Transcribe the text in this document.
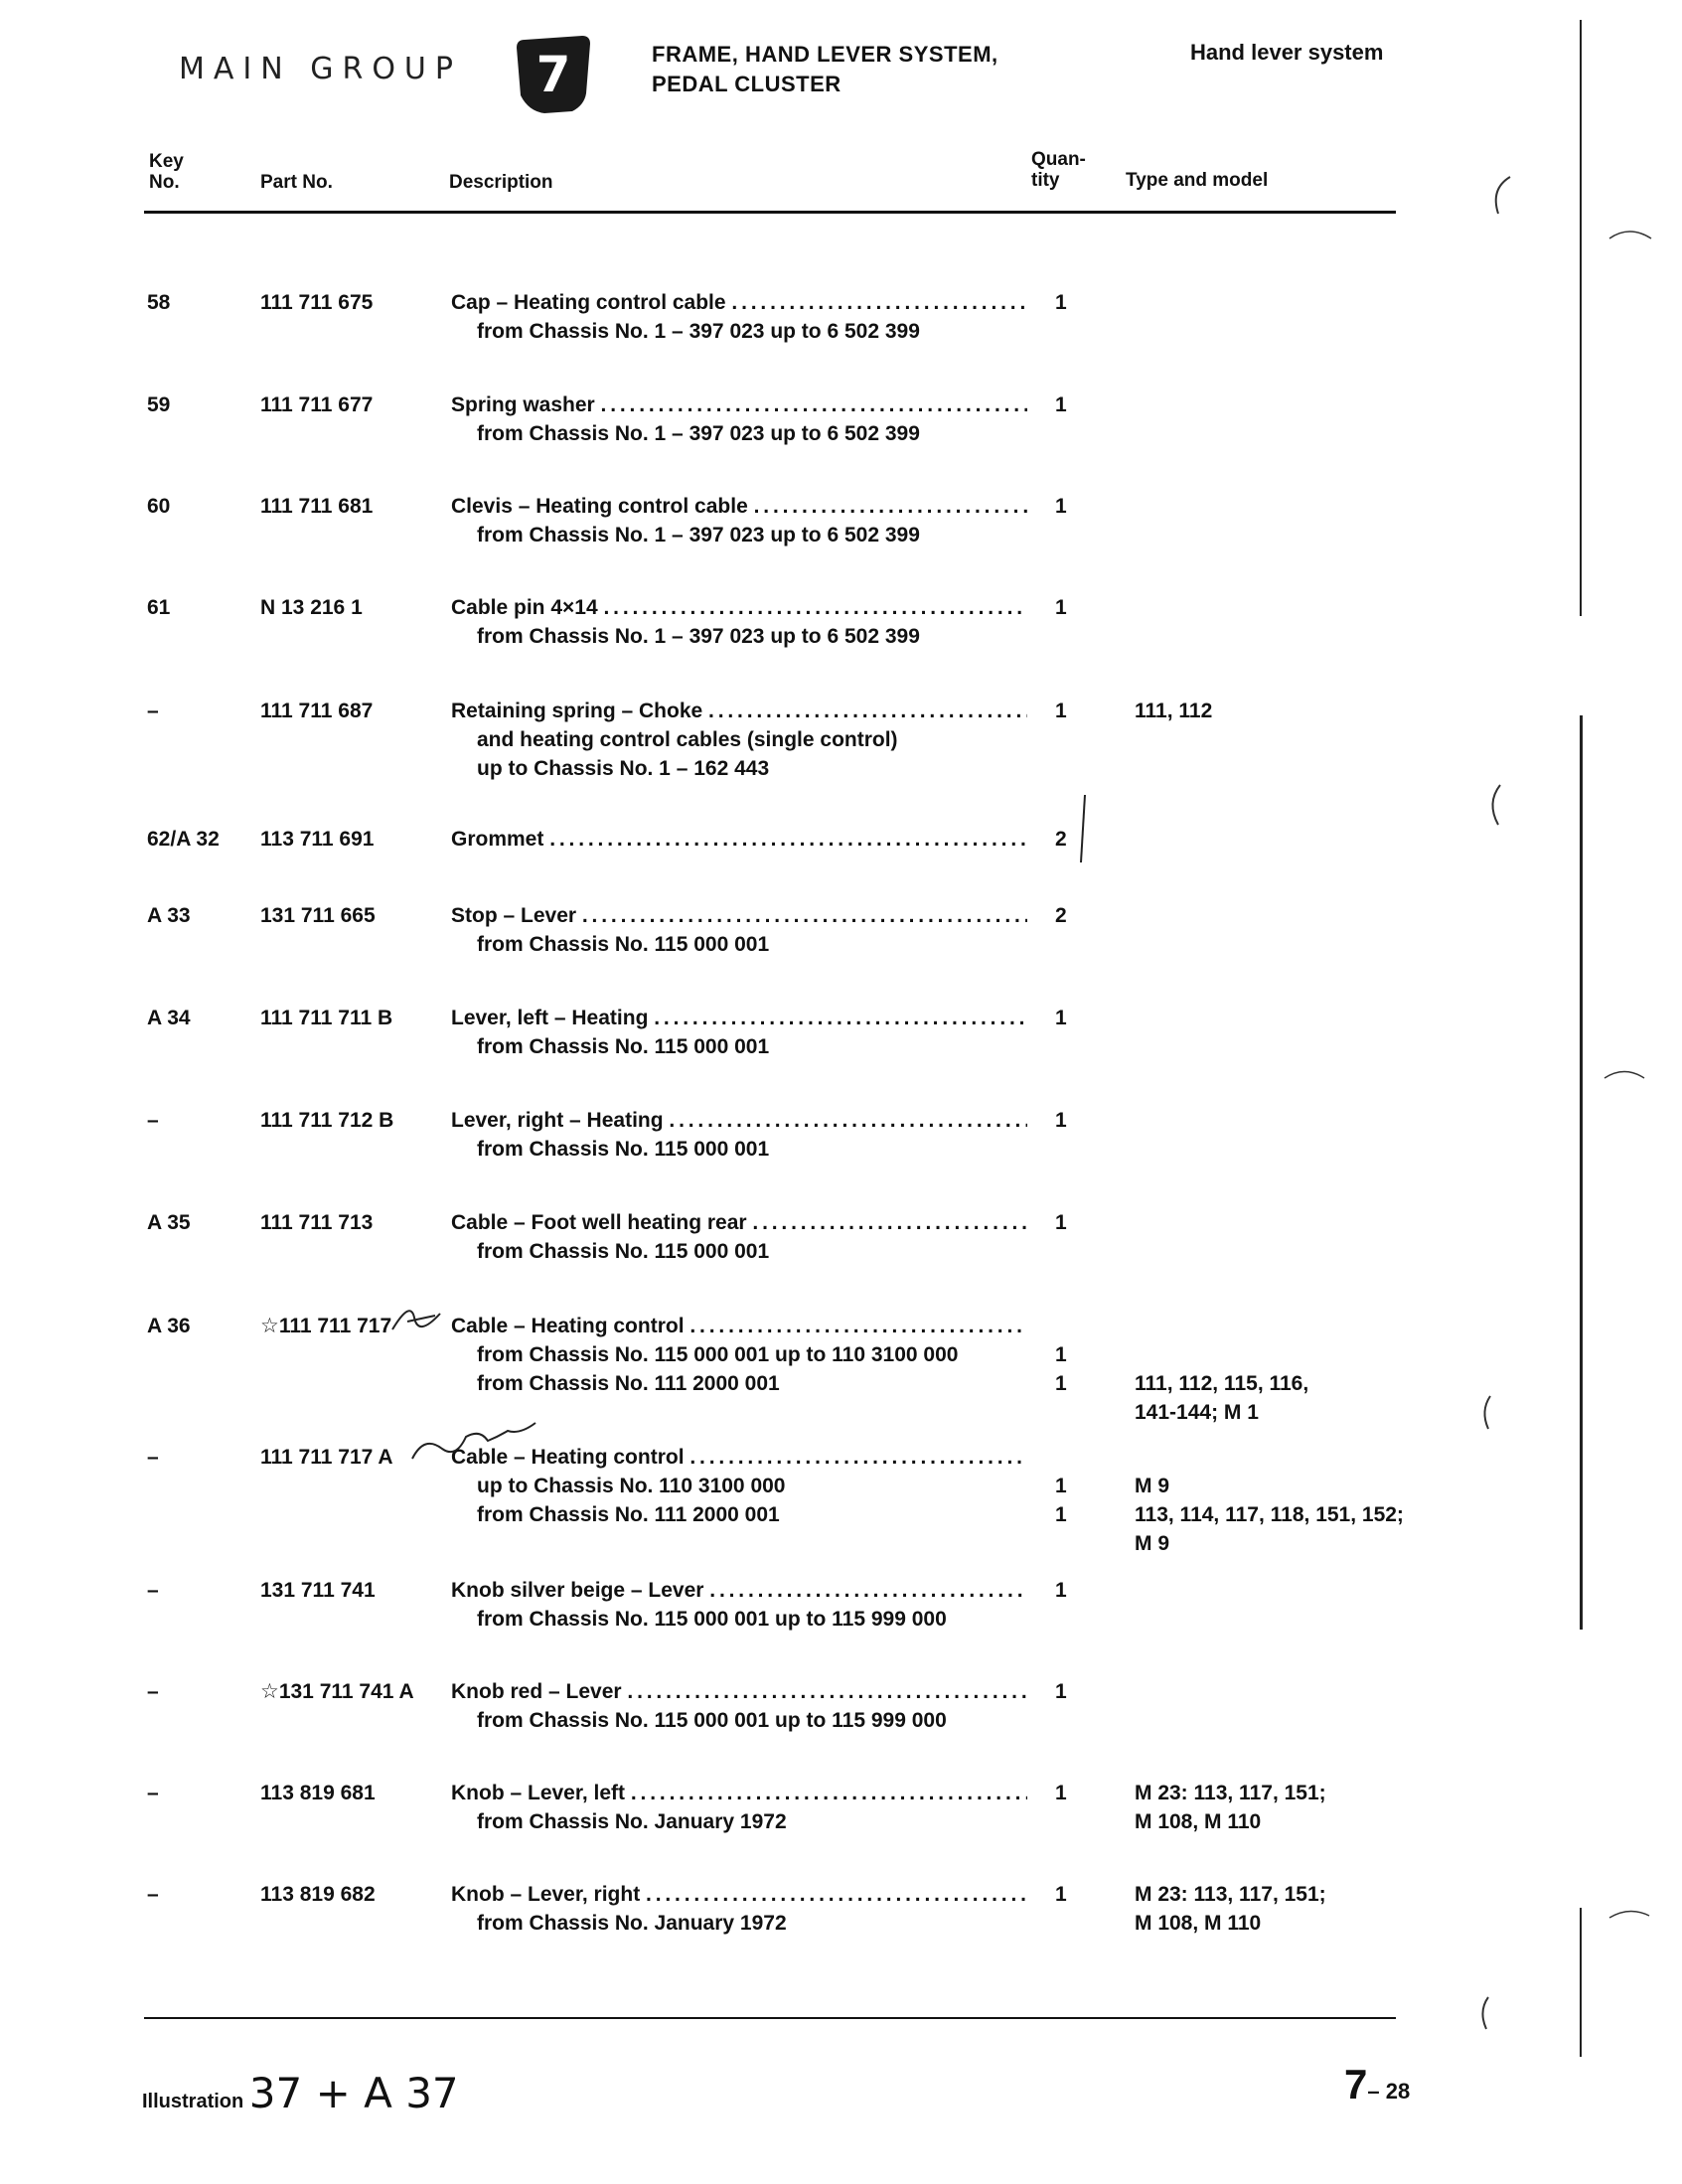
MAIN GROUP 7	FRAME, HAND LEVER SYSTEM,
PEDAL CLUSTER
Hand lever system
Key
No.	Part No.	Description
Quan-
tity	Type and model
58	111 711 675	Cap – Heating control cable

. . .
from Chassis No. 1 – 397 023 up to 6 502 399
1
59	111 711 677	Spring washer

. . .
from Chassis No. 1 – 397 023 up to 6 502 399
1
60	111 711 681	Clevis – Heating control cable

. . .
from Chassis No. 1 – 397 023 up to 6 502 399
1
61	N 13 216 1	Cable pin 4×14

. . .
from Chassis No. 1 – 397 023 up to 6 502 399
1
–	111 711 687	Retaining spring – Choke

. . .
and heating control cables (single control)
up to Chassis No. 1 – 162 443
1	111, 112
62/A 32	113 711 691	Grommet

. . .	2
A 33	131 711 665	Stop – Lever

. . .
from Chassis No. 115 000 001
2
A 34	111 711 711 B	Lever, left – Heating

. . .
from Chassis No. 115 000 001
1
–	111 711 712 B	Lever, right – Heating

. . .
from Chassis No. 115 000 001
1
A 35	111 711 713	Cable – Foot well heating rear

. . .
from Chassis No. 115 000 001
1
A 36	☆111 711 717	Cable – Heating control

. . .
from Chassis No. 115 000 001 up to 110 3100 000
from Chassis No. 111 2000 001

1
1

	111, 112, 115, 116,
141-144; M 1
–	111 711 717 A	Cable – Heating control

. . .
up to Chassis No. 110 3100 000
from Chassis No. 111 2000 001

1
1

M 9
113, 114, 117, 118, 151, 152;
M 9
–	131 711 741	Knob silver beige – Lever

. . .
from Chassis No. 115 000 001 up to 115 999 000
1
–	☆131 711 741 A	Knob red – Lever

. . .
from Chassis No. 115 000 001 up to 115 999 000
1
–	113 819 681	Knob – Lever, left

. . .
from Chassis No. January 1972
1	M 23: 113, 117, 151;
M 108, M 110
–	113 819 682	Knob – Lever, right

. . .
from Chassis No. January 1972
1	M 23: 113, 117, 151;
M 108, M 110
Illustration 37 + A 37	7– 28
